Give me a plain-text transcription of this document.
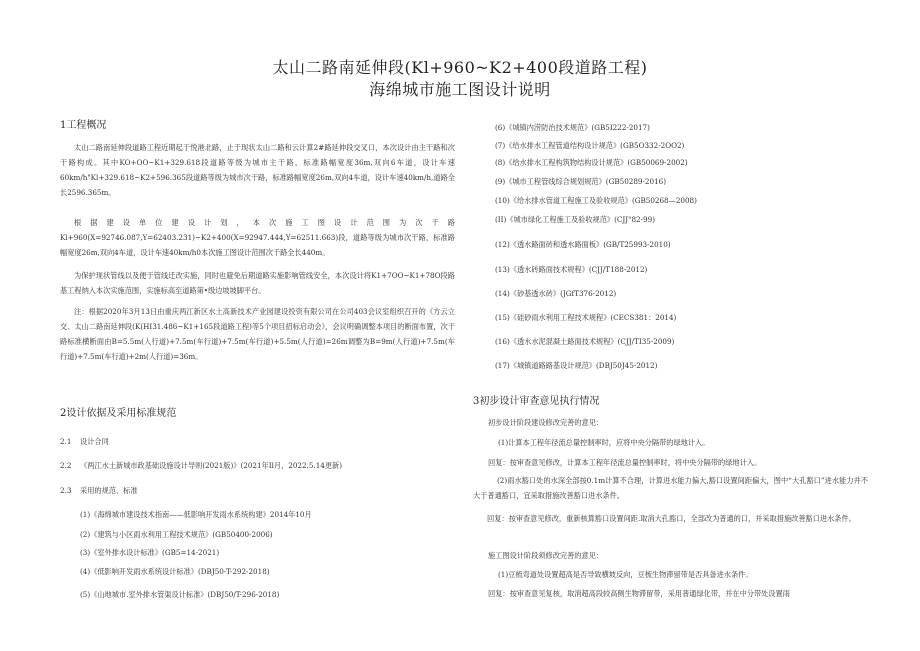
太山二路南延伸段(Kl+960~K2+400段道路工程)
海绵城市施工图设计说明
1工程概况
太山二路南延伸段道路工程近期起于悦港北路，止于现状太山二路和云计算2#路延伸段交叉口，本次设计由主干路和次干路构成。其中KO+OO~K1+329.618段道路等级为城市主干路，标准路幅宽度36m,双向6车道，设计车速60km/h"Kl+329.618~K2+596.365段道路等级为城市次干路，标准路幅宽度26m,双向4车道，设计车速40km/h,道路全长2596.365m。
根据建设单位建设计划，本次施工图设计范围为次干路Kl+960(X=92746.087,Y=62403.231)~K2+400(X=92947.444,Y=62511.663)段，道路等级为城市次干路，标准路幅宽度26m,双向4车道，设计车速40km/h0本次施工图设计范围次干路全长440m。
为保护现状管线以及便于管线迁改实施，同时也避免后期道路实施影响管线安全，本次设计将K1+7OO~K1+78O段路基工程纳入本次实施范围，实施标高至道路第•级边坡坡脚平台。
注：根据2020年3月13日由重庆两江新区水土高新技术产业园建设投资有限公司在公司403会议室组织召开的《方云立交、太山二路南延伸段(K(HI31.486~K1+165段道路工程)等5个项目招标启动会》，会议明确调整本项目的断面布置，次干路标准横断面由B=5.5m(人行道)+7.5m(车行道)+7.5m(车行道)+5.5m(人行道)=26m调整为B=9m(人行道)+7.5m(车行道)+7.5m(车行道)+2m(人行道)=36m。
2设计依据及采用标准规范
2.1 设计合同
2.2 《两江水土新城市政基础设施设计导则(2021版)》(2021年Il月，2022.5.14更新)
2.3 采用的规范、标准
(1)《海绵城市建设技术指南——低影响开发雨水系统构建》2014年10月
(2)《建筑与小区雨水利用工程技术规范》(GB50400-2006)
(3)《室外排水设计标准》(GB5=14-2021)
(4)《低影响开发雨水系统设计标准》(DBJ50-T-292-2018)
(5)《山地城市.室外排水管渠设计标准》(DBJ50/T-296-2018)
(6)《城镇内涝防治技术规范》(GB5I222-2017)
(7)《给水排水工程管道结构设计规范》(GB5O332-2OO2)
(8)《给水排水工程构筑物结构设计规范》(GB50069-2002)
(9)《城市工程管线综合规划规范》(GB50289-2016)
(10)《给水排水管道工程施工及验收规范》(GB50268—2008)
(II)《城市绿化工程施工及验收规范》(CJJ"82-99)
(12)《透水路面砖和透水路面板》(GB/T25993-2010)
(13)《透水砖路面技术规程》(CJJ/T188-2012)
(14)《砂基透水砖》(JGfT376-2012)
(15)《硅砂雨水利用工程技术规程》(CECS381：2014)
(16)《透水水泥混凝土路面技术规程》(CJJ/TI35-2009)
(17)《城镇道路路基设计规范》(DBJ50J45-2012)
3初步设计审查意见执行情况
初步设计阶段建设修改完善的意见：
(1)计算本工程年径流总量控制率时，应将中央分隔带的绿地计入。
回复：按审查意见修改，计算本工程年径流总量控制率时，将中央分隔带的绿地计入。
(2)雨水豁口处的水深全部按0.1m计算不合理，计算进水能力偏大,豁口设置间距偏大，图中“大孔豁口”进水能力并不大于普通豁口，宜采取措施改善豁口进水条件。
回复：按审查意见修改，重新核算豁口设置间距.取消大孔豁口，全部改为普通的口，并采取措施改善豁口进水条件。
施工图设计阶段须修改完善的意见：
(1)豆梳弯道处设置超高是否导致横坡反向，豆梳生物滞留带是否具备进水条件。
回复：按审查意见复核，取消超高段较高侧生物滞留带，采用普通绿化带，并在中分带处设置雨
